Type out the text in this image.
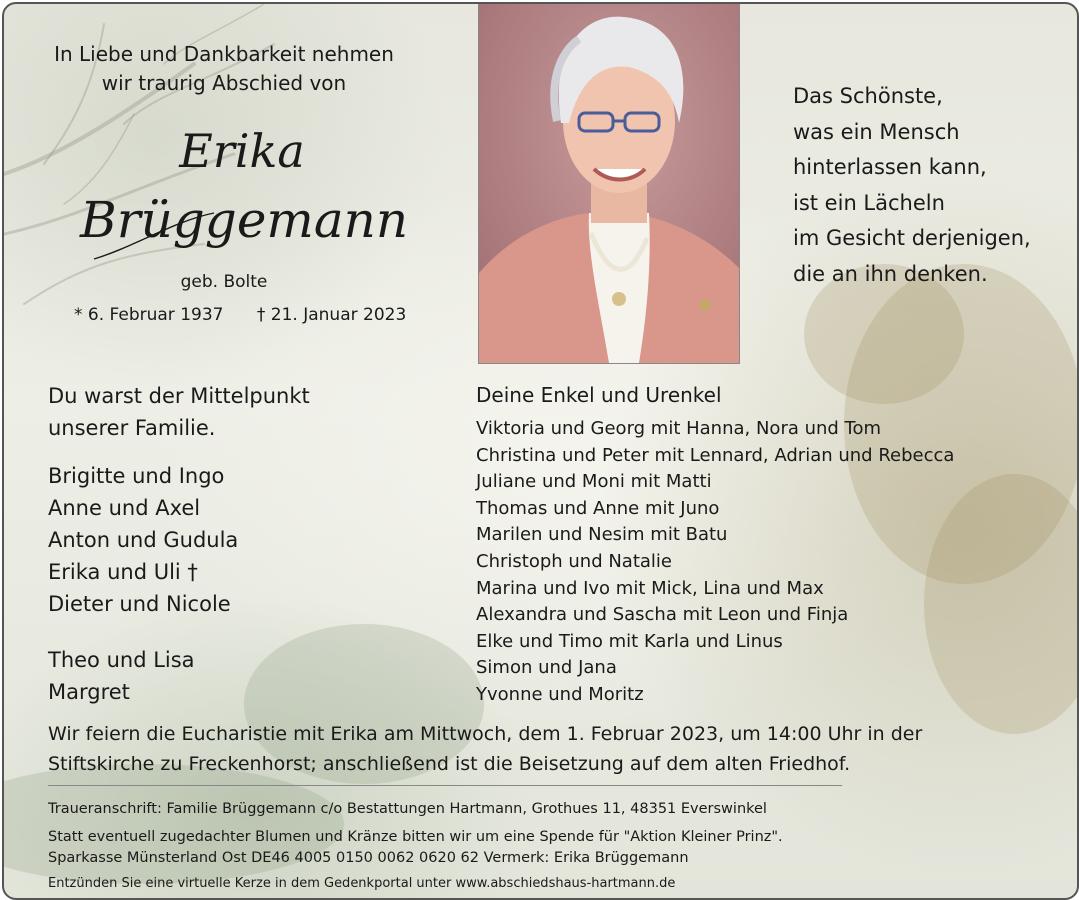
In Liebe und Dankbarkeit nehmen
wir traurig Abschied von
Erika
Brüggemann
geb. Bolte
* 6. Februar 1937 † 21. Januar 2023
Das Schönste,
was ein Mensch
hinterlassen kann,
ist ein Lächeln
im Gesicht derjenigen,
die an ihn denken.
Du warst der Mittelpunkt
unserer Familie.
Brigitte und Ingo
Anne und Axel
Anton und Gudula
Erika und Uli †
Dieter und Nicole
Theo und Lisa
Margret
Deine Enkel und Urenkel
Viktoria und Georg mit Hanna, Nora und Tom
Christina und Peter mit Lennard, Adrian und Rebecca
Juliane und Moni mit Matti
Thomas und Anne mit Juno
Marilen und Nesim mit Batu
Christoph und Natalie
Marina und Ivo mit Mick, Lina und Max
Alexandra und Sascha mit Leon und Finja
Elke und Timo mit Karla und Linus
Simon und Jana
Yvonne und Moritz
Wir feiern die Eucharistie mit Erika am Mittwoch, dem 1. Februar 2023, um 14:00 Uhr in der
Stiftskirche zu Freckenhorst; anschließend ist die Beisetzung auf dem alten Friedhof.
Traueranschrift: Familie Brüggemann c/o Bestattungen Hartmann, Grothues 11, 48351 Everswinkel
Statt eventuell zugedachter Blumen und Kränze bitten wir um eine Spende für "Aktion Kleiner Prinz".
Sparkasse Münsterland Ost DE46 4005 0150 0062 0620 62 Vermerk: Erika Brüggemann
Entzünden Sie eine virtuelle Kerze in dem Gedenkportal unter www.abschiedshaus-hartmann.de
